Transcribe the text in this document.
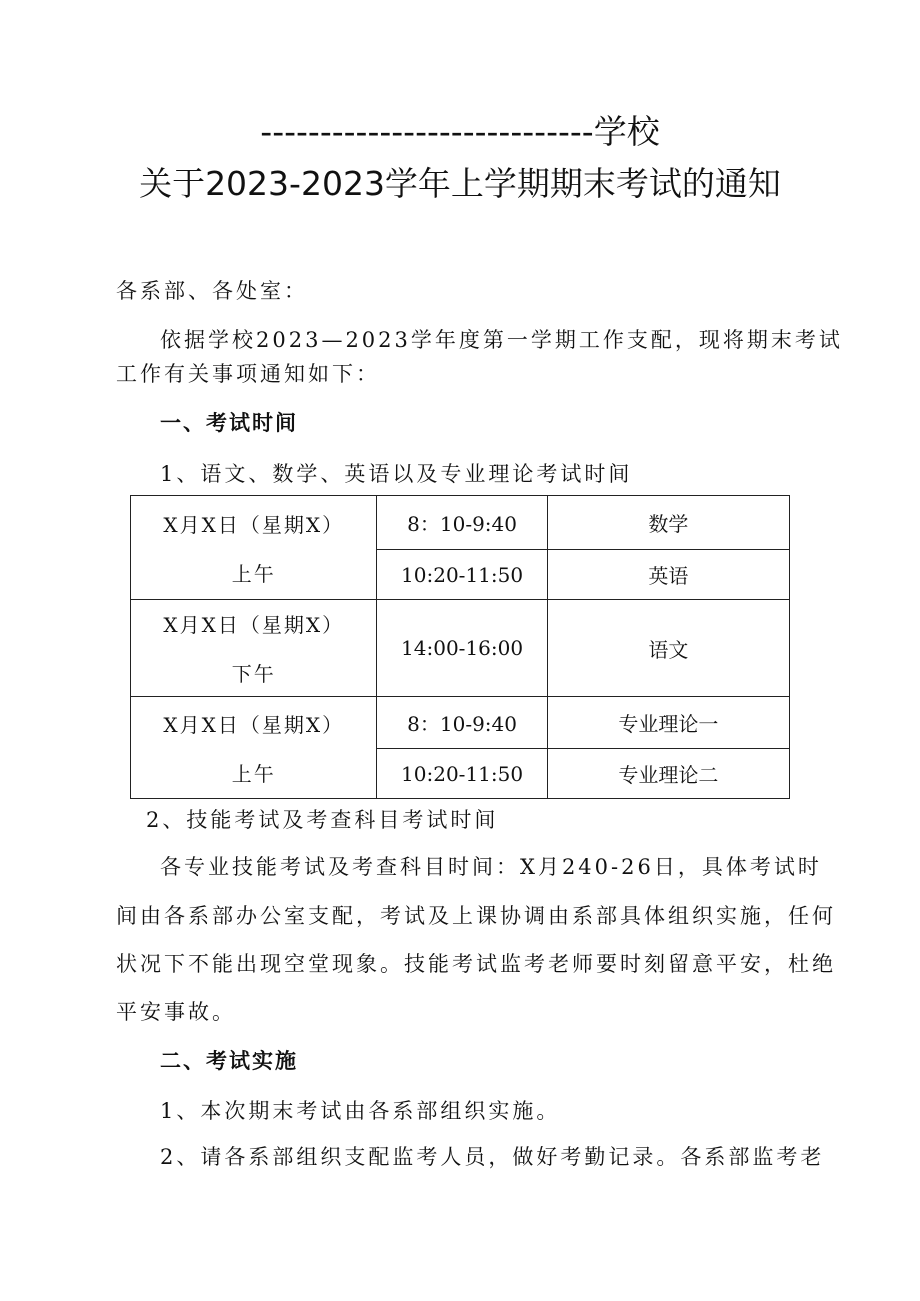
----------------------------学校
关于2023-2023学年上学期期末考试的通知
各系部、各处室：
依据学校2023—2023学年度第一学期工作支配，现将期末考试
工作有关事项通知如下：
一、考试时间
1、语文、数学、英语以及专业理论考试时间
X月X日（星期X）
上午	8：10-9:40	数学
	10:20-11:50	英语

X月X日（星期X）
下午	14:00-16:00	语文

X月X日（星期X）
上午	8：10-9:40	专业理论一
	10:20-11:50	专业理论二
2、技能考试及考查科目考试时间
各专业技能考试及考查科目时间：X月240-26日，具体考试时
间由各系部办公室支配，考试及上课协调由系部具体组织实施，任何
状况下不能出现空堂现象。技能考试监考老师要时刻留意平安，杜绝
平安事故。
二、考试实施
1、本次期末考试由各系部组织实施。
2、请各系部组织支配监考人员，做好考勤记录。各系部监考老
